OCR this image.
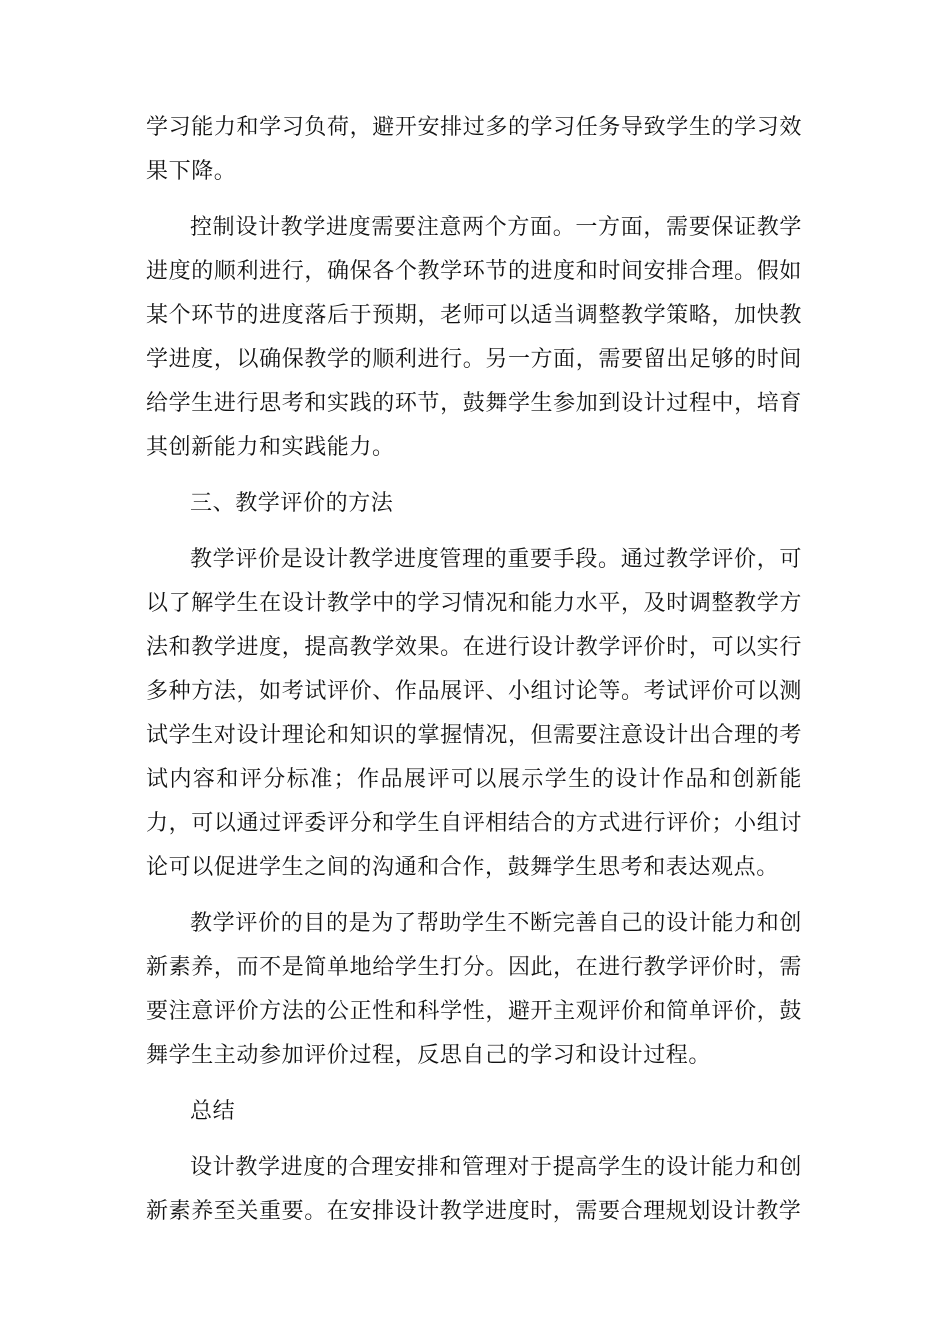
学习能力和学习负荷，避开安排过多的学习任务导致学生的学习效果下降。

控制设计教学进度需要注意两个方面。一方面，需要保证教学进度的顺利进行，确保各个教学环节的进度和时间安排合理。假如某个环节的进度落后于预期，老师可以适当调整教学策略，加快教学进度，以确保教学的顺利进行。另一方面，需要留出足够的时间给学生进行思考和实践的环节，鼓舞学生参加到设计过程中，培育其创新能力和实践能力。

三、教学评价的方法

教学评价是设计教学进度管理的重要手段。通过教学评价，可以了解学生在设计教学中的学习情况和能力水平，及时调整教学方法和教学进度，提高教学效果。在进行设计教学评价时，可以实行多种方法，如考试评价、作品展评、小组讨论等。考试评价可以测试学生对设计理论和知识的掌握情况，但需要注意设计出合理的考试内容和评分标准；作品展评可以展示学生的设计作品和创新能力，可以通过评委评分和学生自评相结合的方式进行评价；小组讨论可以促进学生之间的沟通和合作，鼓舞学生思考和表达观点。

教学评价的目的是为了帮助学生不断完善自己的设计能力和创新素养，而不是简单地给学生打分。因此，在进行教学评价时，需要注意评价方法的公正性和科学性，避开主观评价和简单评价，鼓舞学生主动参加评价过程，反思自己的学习和设计过程。

总结

设计教学进度的合理安排和管理对于提高学生的设计能力和创新素养至关重要。在安排设计教学进度时，需要合理规划设计教学
